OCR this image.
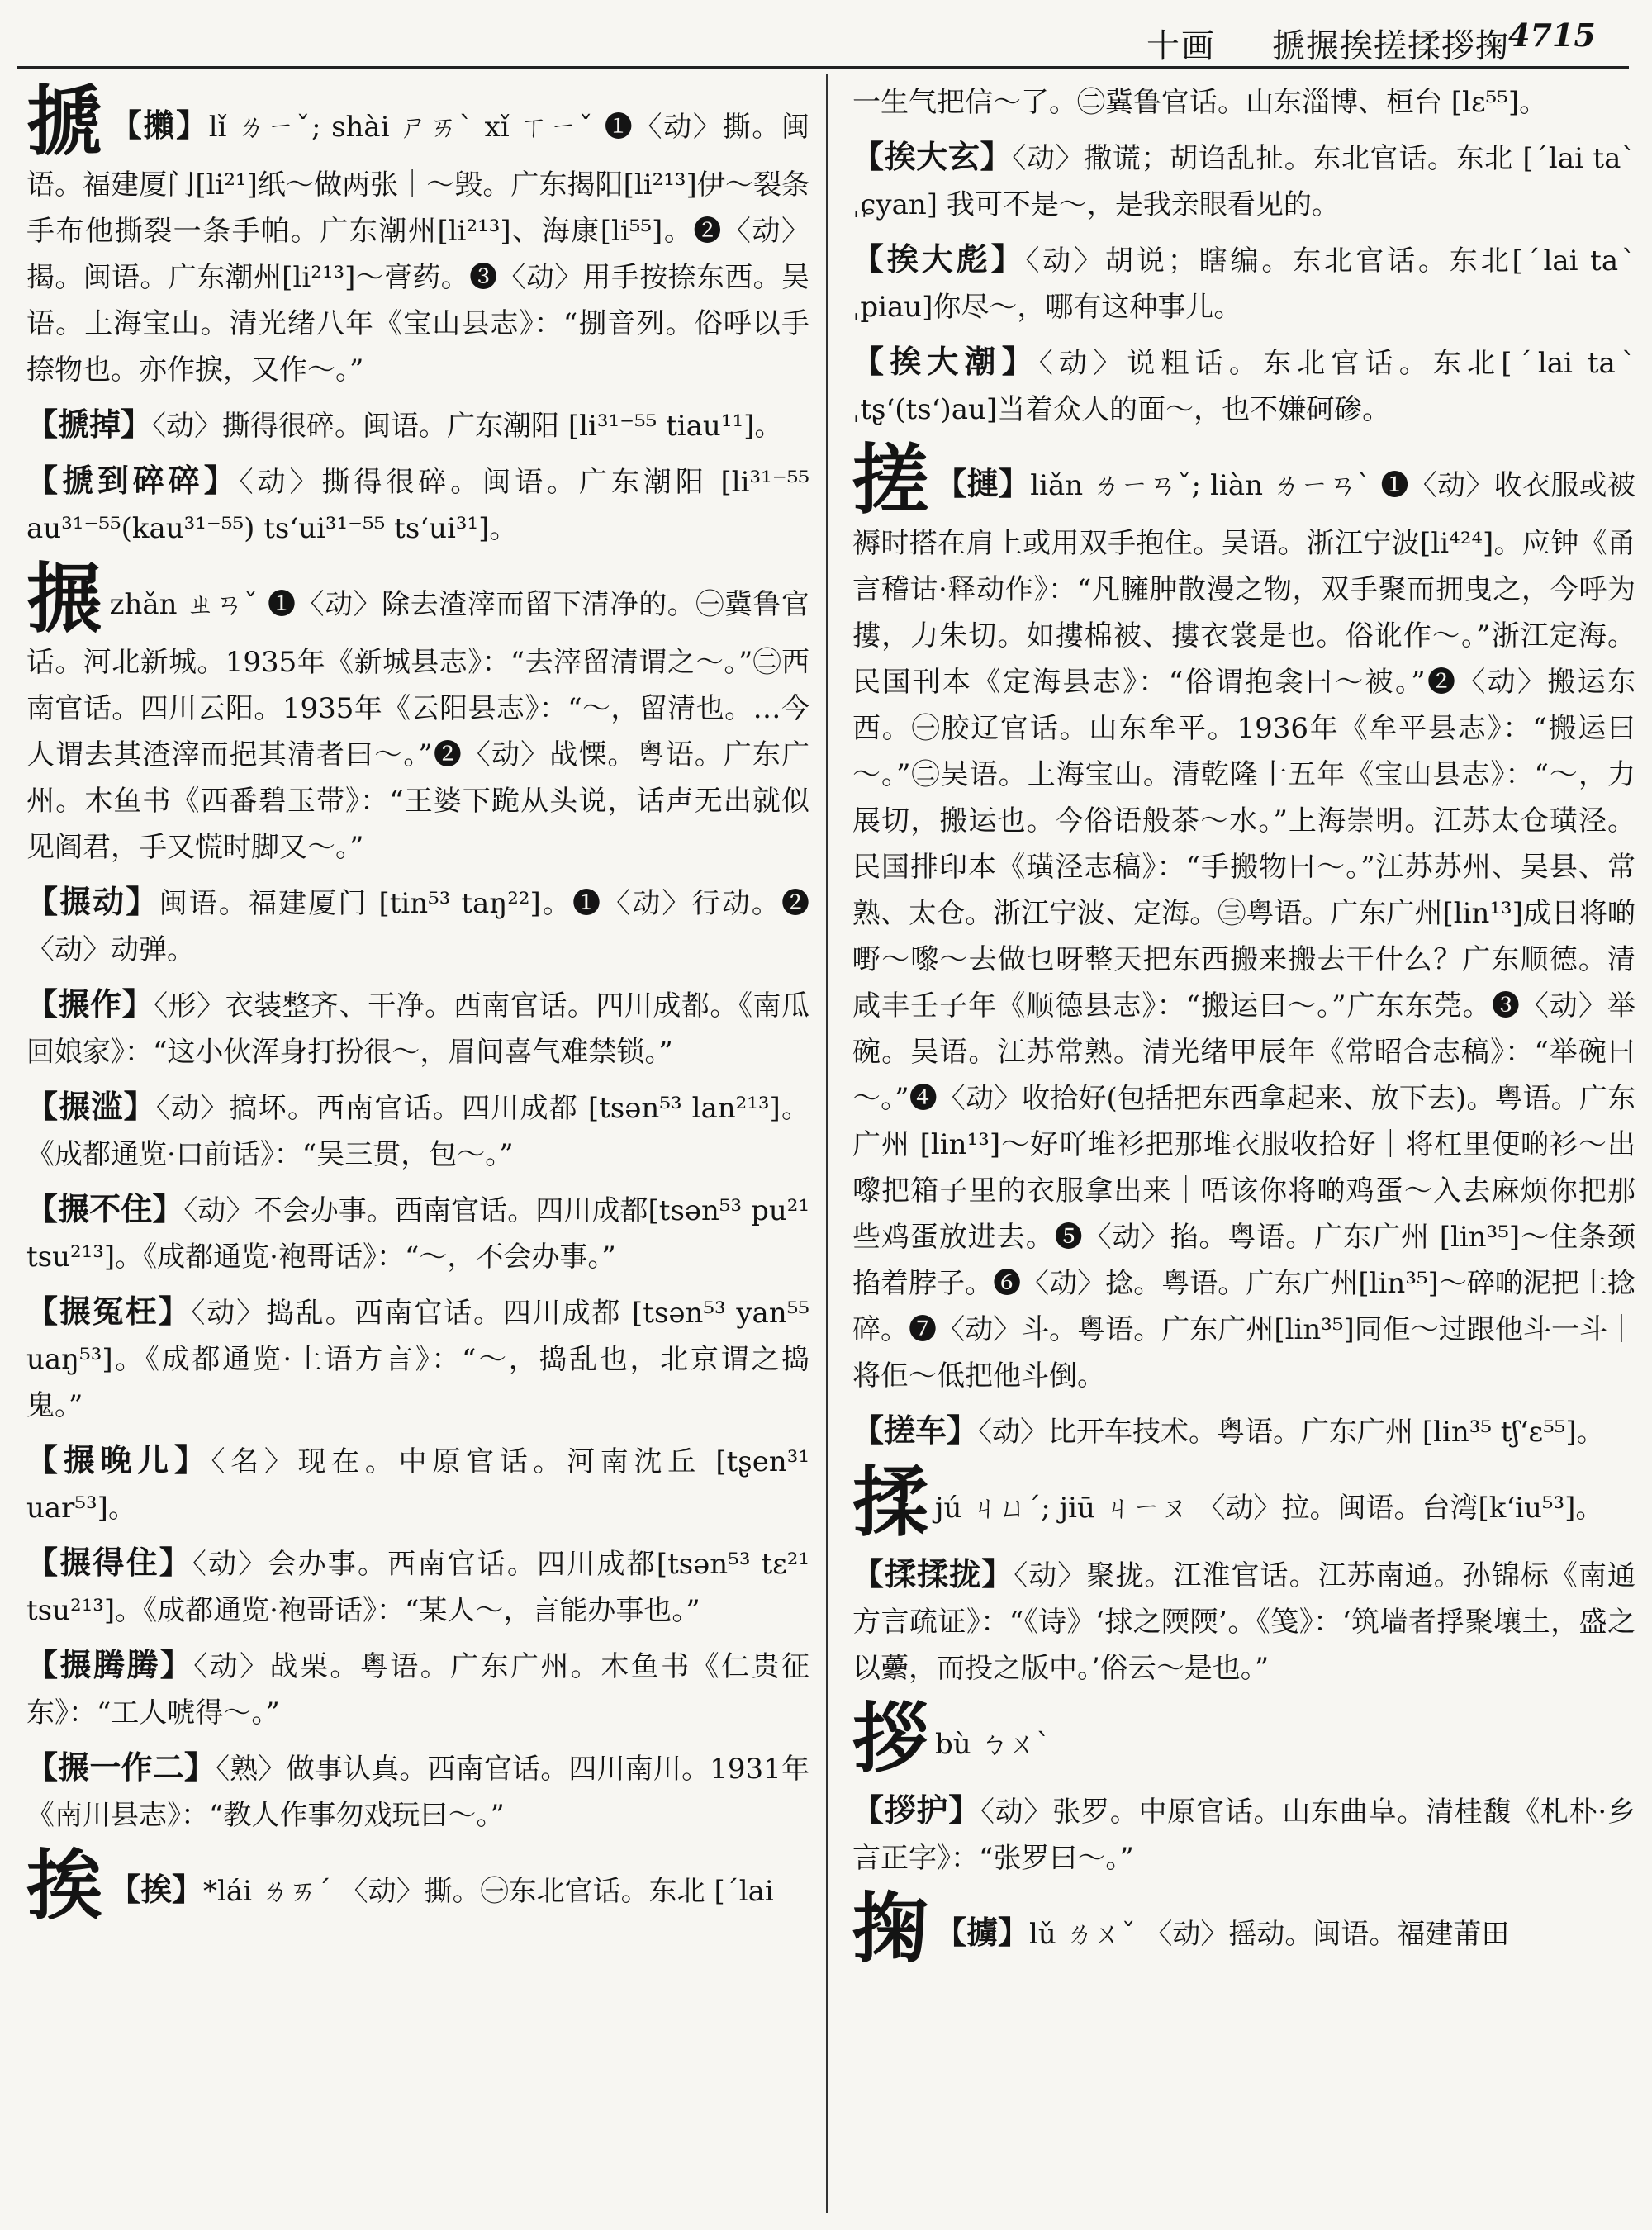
十画 搋搌挨搓揉拶掬 4715
搋 【攋】lǐ ㄌㄧˇ; shài ㄕㄞˋ xǐ ㄒㄧˇ ❶〈动〉撕。闽语。福建厦门[li²¹]纸～做两张｜～毁。广东揭阳[li²¹³]伊～裂条手布他撕裂一条手帕。广东潮州[li²¹³]、海康[li⁵⁵]。❷〈动〉揭。闽语。广东潮州[li²¹³]～膏药。❸〈动〉用手按捺东西。吴语。上海宝山。清光绪八年《宝山县志》：“捌音列。俗呼以手捺物也。亦作捩，又作～。”
【搋掉】〈动〉撕得很碎。闽语。广东潮阳 [li³¹⁻⁵⁵ tiau¹¹]。
【搋到碎碎】〈动〉撕得很碎。闽语。广东潮阳 [li³¹⁻⁵⁵ au³¹⁻⁵⁵(kau³¹⁻⁵⁵) ts‘ui³¹⁻⁵⁵ ts‘ui³¹]。
搌zhǎn ㄓㄢˇ ❶〈动〉除去渣滓而留下清净的。㊀冀鲁官话。河北新城。1935年《新城县志》：“去滓留清谓之～。”㊁西南官话。四川云阳。1935年《云阳县志》：“～，留清也。…今人谓去其渣滓而挹其清者曰～。”❷〈动〉战慄。粤语。广东广州。木鱼书《西番碧玉带》：“王婆下跪从头说，话声无出就似见阎君，手又慌时脚又～。”
【搌动】闽语。福建厦门 [tin⁵³ taŋ²²]。❶〈动〉行动。❷〈动〉动弹。
【搌作】〈形〉衣装整齐、干净。西南官话。四川成都。《南瓜回娘家》：“这小伙浑身打扮很～，眉间喜气难禁锁。”
【搌滥】〈动〉搞坏。西南官话。四川成都 [tsən⁵³ lan²¹³]。《成都通览·口前话》：“吴三贯，包～。”
【搌不住】〈动〉不会办事。西南官话。四川成都[tsən⁵³ pu²¹ tsu²¹³]。《成都通览·袍哥话》：“～，不会办事。”
【搌冤枉】〈动〉捣乱。西南官话。四川成都 [tsən⁵³ yan⁵⁵ uaŋ⁵³]。《成都通览·土语方言》：“～，捣乱也，北京谓之捣鬼。”
【搌晚儿】〈名〉现在。中原官话。河南沈丘 [tʂen³¹ uar⁵³]。
【搌得住】〈动〉会办事。西南官话。四川成都[tsən⁵³ tɛ²¹ tsu²¹³]。《成都通览·袍哥话》：“某人～，言能办事也。”
【搌腾腾】〈动〉战栗。粤语。广东广州。木鱼书《仁贵征东》：“工人唬得～。”
【搌一作二】〈熟〉做事认真。西南官话。四川南川。1931年《南川县志》：“教人作事勿戏玩曰～。”
挨 【挨】*lái ㄌㄞˊ 〈动〉撕。㊀东北官话。东北 [ˊlai
一生气把信～了。㊁冀鲁官话。山东淄博、桓台 [lɛ⁵⁵]。
【挨大玄】〈动〉撒谎；胡诌乱扯。东北官话。东北 [ˊlai taˋ ˌɕyan] 我可不是～，是我亲眼看见的。
【挨大彪】〈动〉胡说；瞎编。东北官话。东北[ˊlai taˋ ˌpiau]你尽～，哪有这种事儿。
【挨大潮】〈动〉说粗话。东北官话。东北[ˊlai taˋ ˌtʂ‘(ts‘)au]当着众人的面～，也不嫌砢碜。
搓 【摙】liǎn ㄌㄧㄢˇ; liàn ㄌㄧㄢˋ ❶〈动〉收衣服或被褥时搭在肩上或用双手抱住。吴语。浙江宁波[li⁴²⁴]。应钟《甬言稽诂·释动作》：“凡臃肿散漫之物，双手聚而拥曳之，今呼为摟，力朱切。如摟棉被、摟衣裳是也。俗讹作～。”浙江定海。民国刊本《定海县志》：“俗谓抱衾曰～被。”❷〈动〉搬运东西。㊀胶辽官话。山东牟平。1936年《牟平县志》：“搬运曰～。”㊁吴语。上海宝山。清乾隆十五年《宝山县志》：“～，力展切，搬运也。今俗语般茶～水。”上海崇明。江苏太仓璜泾。民国排印本《璜泾志稿》：“手搬物曰～。”江苏苏州、吴县、常熟、太仓。浙江宁波、定海。㊂粤语。广东广州[lin¹³]成日将啲嘢～嚟～去做乜呀整天把东西搬来搬去干什么？广东顺德。清咸丰壬子年《顺德县志》：“搬运曰～。”广东东莞。❸〈动〉举碗。吴语。江苏常熟。清光绪甲辰年《常昭合志稿》：“举碗曰～。”❹〈动〉收拾好(包括把东西拿起来、放下去)。粤语。广东广州 [lin¹³]～好吖堆衫把那堆衣服收拾好｜将杠里便啲衫～出嚟把箱子里的衣服拿出来｜唔该你将啲鸡蛋～入去麻烦你把那些鸡蛋放进去。❺〈动〉掐。粤语。广东广州 [lin³⁵]～住条颈掐着脖子。❻〈动〉捻。粤语。广东广州[lin³⁵]～碎啲泥把土捻碎。❼〈动〉斗。粤语。广东广州[lin³⁵]同佢～过跟他斗一斗｜将佢～低把他斗倒。
【搓车】〈动〉比开车技术。粤语。广东广州 [lin³⁵ tʃ‘ɛ⁵⁵]。
揉jú ㄐㄩˊ; jiū ㄐㄧㄡ 〈动〉拉。闽语。台湾[k‘iu⁵³]。
【揉揉拢】〈动〉聚拢。江淮官话。江苏南通。孙锦标《南通方言疏证》：“《诗》‘捄之陾陾’。《笺》：‘筑墙者捊聚壤土，盛之以虆，而投之版中。’俗云～是也。”
拶bù ㄅㄨˋ
【拶护】〈动〉张罗。中原官话。山东曲阜。清桂馥《札朴·乡言正字》：“张罗曰～。”
掬 【擄】lǔ ㄌㄨˇ 〈动〉摇动。闽语。福建莆田
